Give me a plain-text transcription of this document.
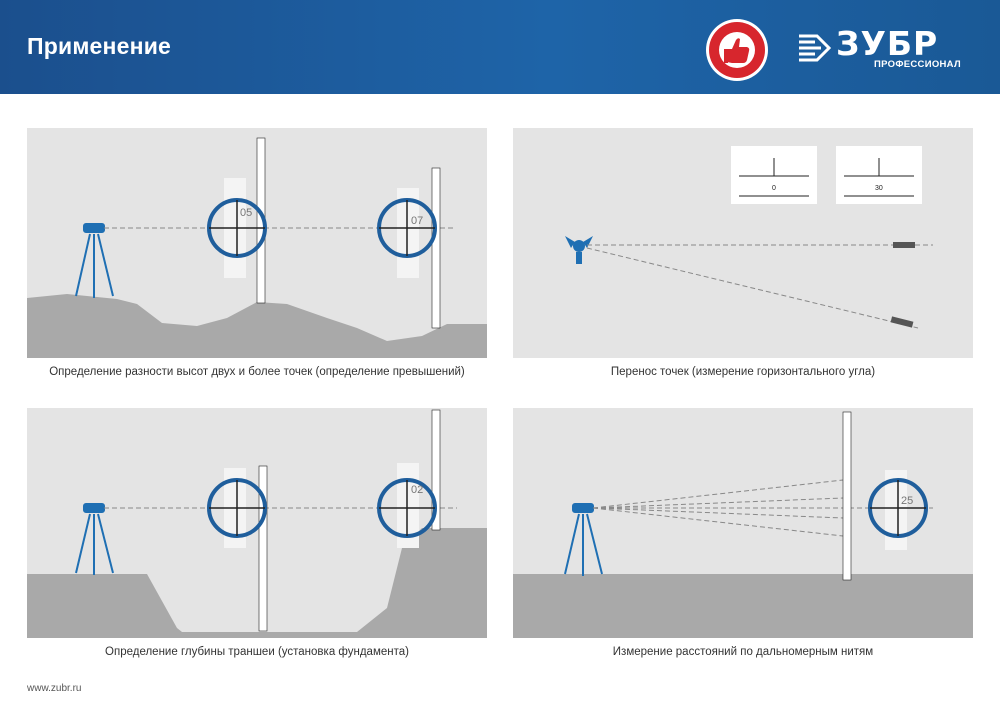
Применение	ЗУБР
ПРОФЕССИОНАЛ
05
07
Определение разности высот двух и более точек (определение превышений)
0	30
Перенос точек (измерение горизонтального угла)
02
Определение глубины траншеи (установка фундамента)
25
Измерение расстояний по дальномерным нитям
www.zubr.ru
